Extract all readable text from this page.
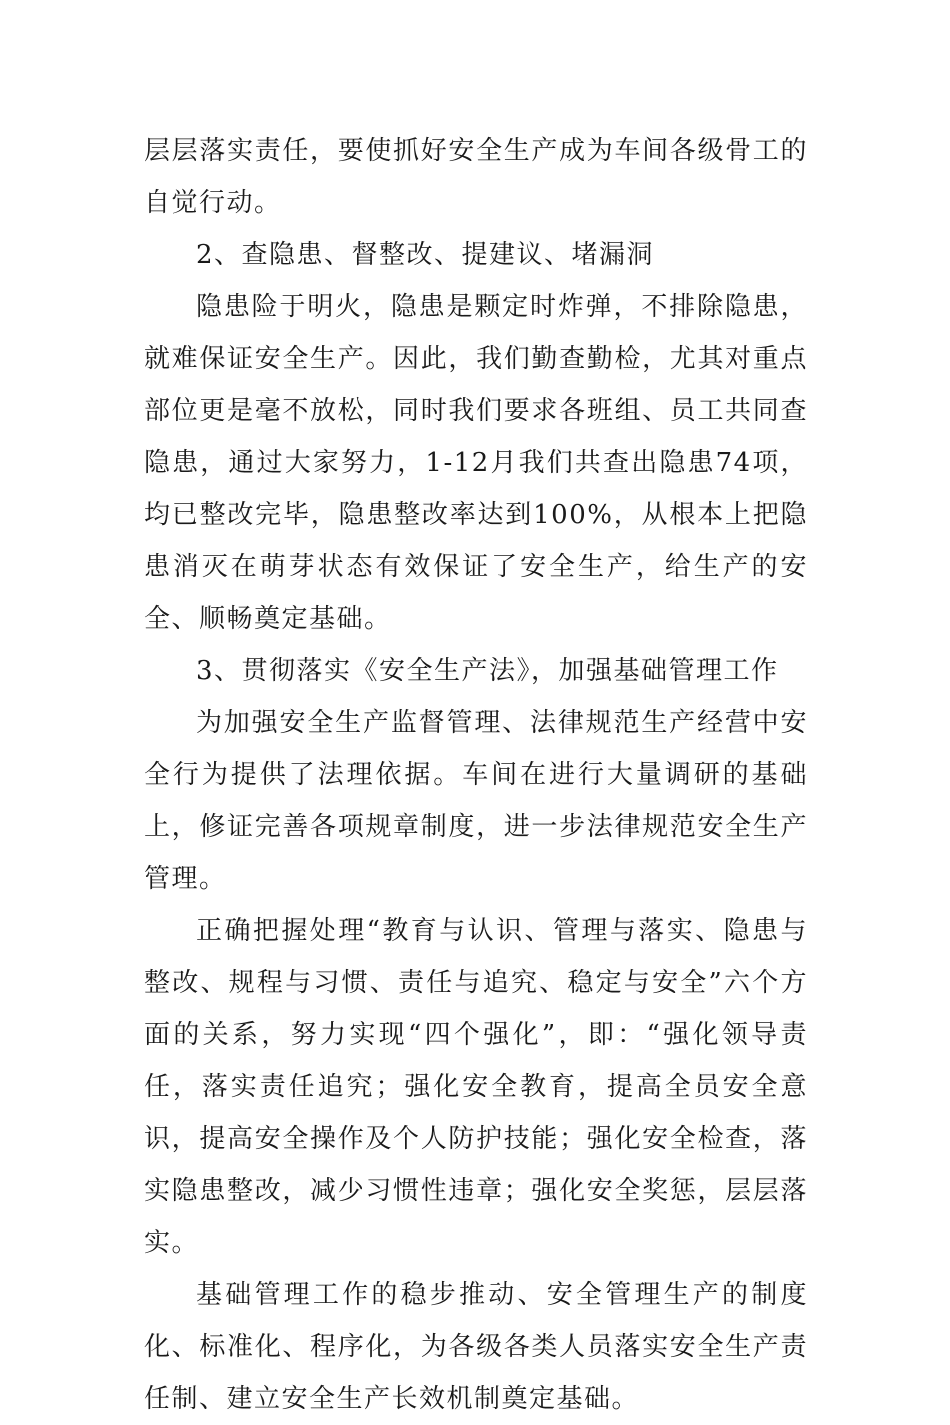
层层落实责任，要使抓好安全生产成为车间各级骨工的自觉行动。

2、查隐患、督整改、提建议、堵漏洞

隐患险于明火，隐患是颗定时炸弹，不排除隐患，就难保证安全生产。因此，我们勤查勤检，尤其对重点部位更是毫不放松，同时我们要求各班组、员工共同查隐患，通过大家努力，1-12月我们共查出隐患74项，均已整改完毕，隐患整改率达到100%，从根本上把隐患消灭在萌芽状态有效保证了安全生产，给生产的安全、顺畅奠定基础。

3、贯彻落实《安全生产法》，加强基础管理工作

为加强安全生产监督管理、法律规范生产经营中安全行为提供了法理依据。车间在进行大量调研的基础上，修证完善各项规章制度，进一步法律规范安全生产管理。

正确把握处理“教育与认识、管理与落实、隐患与整改、规程与习惯、责任与追究、稳定与安全”六个方面的关系，努力实现“四个强化”，即：“强化领导责任，落实责任追究；强化安全教育，提高全员安全意识，提高安全操作及个人防护技能；强化安全检查，落实隐患整改，减少习惯性违章；强化安全奖惩，层层落实。

基础管理工作的稳步推动、安全管理生产的制度化、标准化、程序化，为各级各类人员落实安全生产责任制、建立安全生产长效机制奠定基础。
